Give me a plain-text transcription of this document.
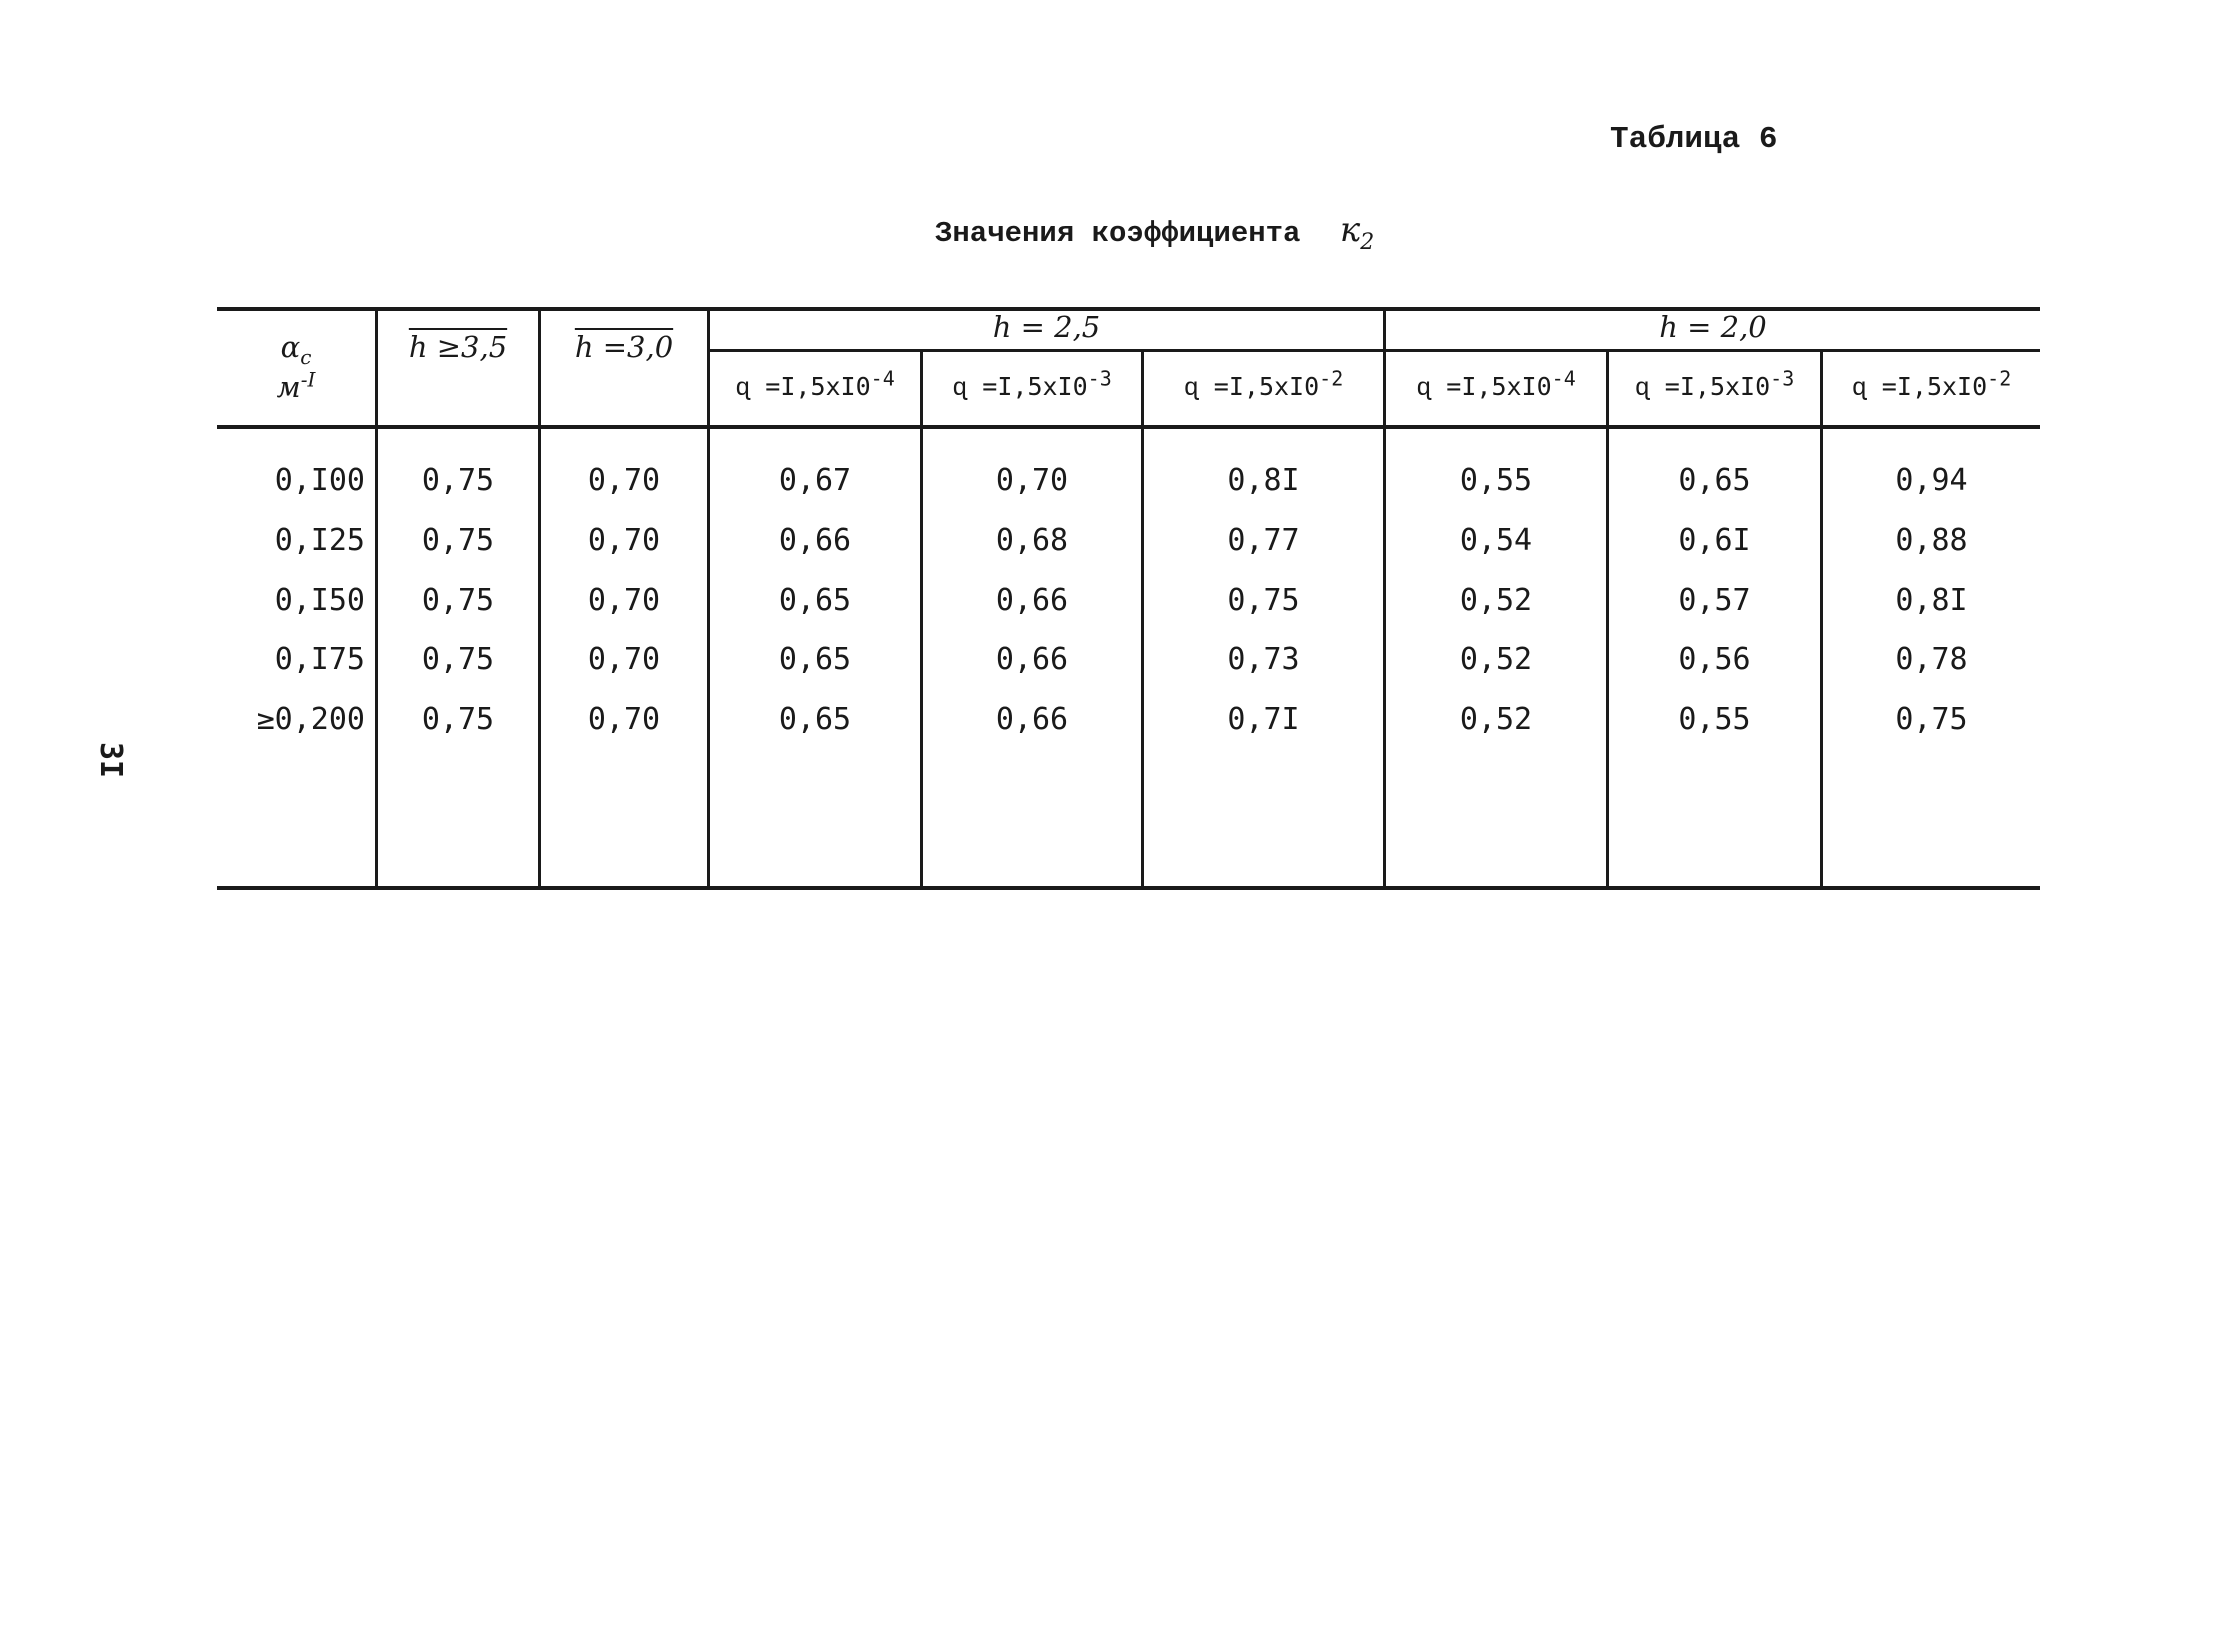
Таблица 6
Значения коэффициента $к_2$
3I
$\alpha_c$
$м^{-I}$
h ≥3,5	h =3,0
h = 2,5	h = 2,0
ɋ $=I,5xI0^{-4}$	ɋ $=I,5xI0^{-3}$	ɋ $=I,5xI0^{-2}$	ɋ $=I,5xI0^{-4}$	ɋ $=I,5xI0^{-3}$	ɋ $=I,5xI0^{-2}$
0,I00	0,75	0,70	0,67	0,70	0,8I	0,55	0,65	0,94
0,I25	0,75	0,70	0,66	0,68	0,77	0,54	0,6I	0,88
0,I50	0,75	0,70	0,65	0,66	0,75	0,52	0,57	0,8I
0,I75	0,75	0,70	0,65	0,66	0,73	0,52	0,56	0,78
≥0,200	0,75	0,70	0,65	0,66	0,7I	0,52	0,55	0,75
